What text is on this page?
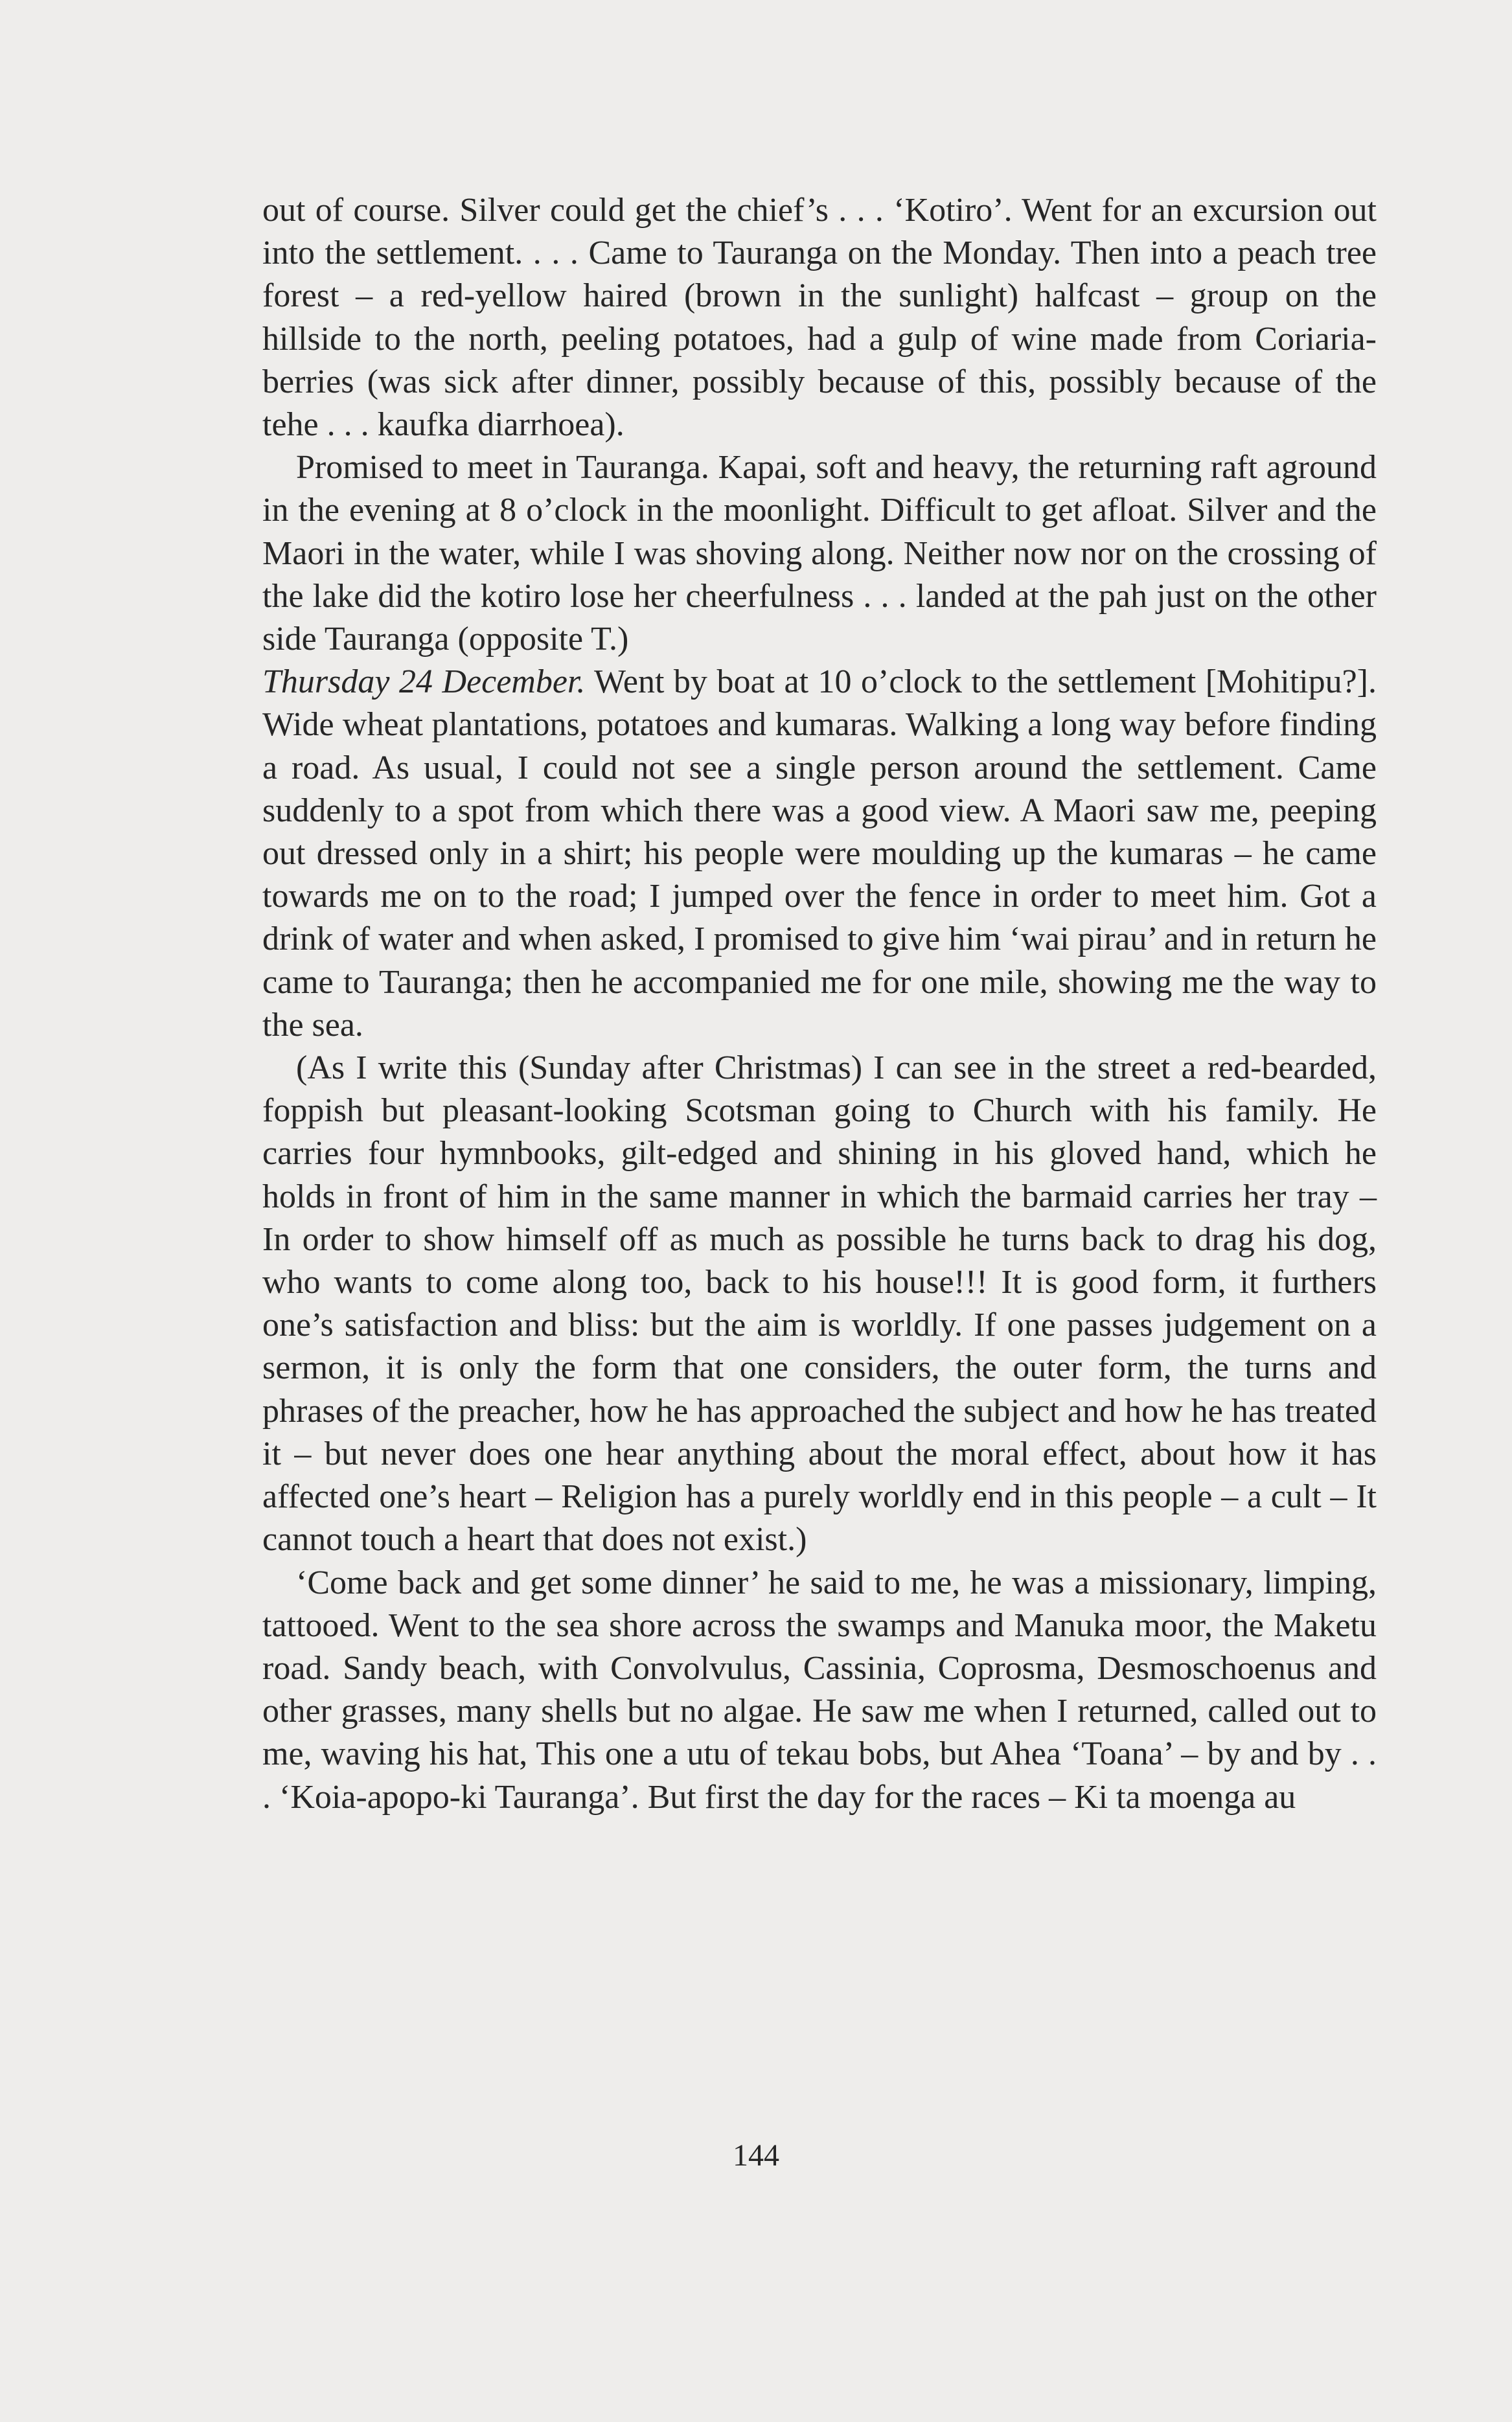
out of course. Silver could get the chief’s . . . ‘Kotiro’. Went for an excursion out into the settlement. . . . Came to Tauranga on the Monday. Then into a peach tree forest – a red-yellow haired (brown in the sunlight) halfcast – group on the hillside to the north, peeling potatoes, had a gulp of wine made from Coriaria-berries (was sick after dinner, possibly because of this, possibly because of the tehe . . . kaufka diarrhoea).

Promised to meet in Tauranga. Kapai, soft and heavy, the returning raft aground in the evening at 8 o’clock in the moonlight. Difficult to get afloat. Silver and the Maori in the water, while I was shoving along. Neither now nor on the crossing of the lake did the kotiro lose her cheerfulness . . . landed at the pah just on the other side Tauranga (opposite T.)

Thursday 24 December. Went by boat at 10 o’clock to the settlement [Mohitipu?]. Wide wheat plantations, potatoes and kumaras. Walking a long way before finding a road. As usual, I could not see a single person around the settlement. Came suddenly to a spot from which there was a good view. A Maori saw me, peeping out dressed only in a shirt; his people were moulding up the kumaras – he came towards me on to the road; I jumped over the fence in order to meet him. Got a drink of water and when asked, I promised to give him ‘wai pirau’ and in return he came to Tauranga; then he accompanied me for one mile, showing me the way to the sea.

(As I write this (Sunday after Christmas) I can see in the street a red-bearded, foppish but pleasant-looking Scotsman going to Church with his family. He carries four hymnbooks, gilt-edged and shining in his gloved hand, which he holds in front of him in the same manner in which the barmaid carries her tray – In order to show himself off as much as possible he turns back to drag his dog, who wants to come along too, back to his house!!! It is good form, it furthers one’s satisfaction and bliss: but the aim is worldly. If one passes judgement on a sermon, it is only the form that one considers, the outer form, the turns and phrases of the preacher, how he has approached the subject and how he has treated it – but never does one hear anything about the moral effect, about how it has affected one’s heart – Religion has a purely worldly end in this people – a cult – It cannot touch a heart that does not exist.)

‘Come back and get some dinner’ he said to me, he was a missionary, limping, tattooed. Went to the sea shore across the swamps and Manuka moor, the Maketu road. Sandy beach, with Convolvulus, Cassinia, Coprosma, Desmoschoenus and other grasses, many shells but no algae. He saw me when I returned, called out to me, waving his hat, This one a utu of tekau bobs, but Ahea ‘Toana’ – by and by . . . ‘Koia-apopo-ki Tauranga’. But first the day for the races – Ki ta moenga au

144
